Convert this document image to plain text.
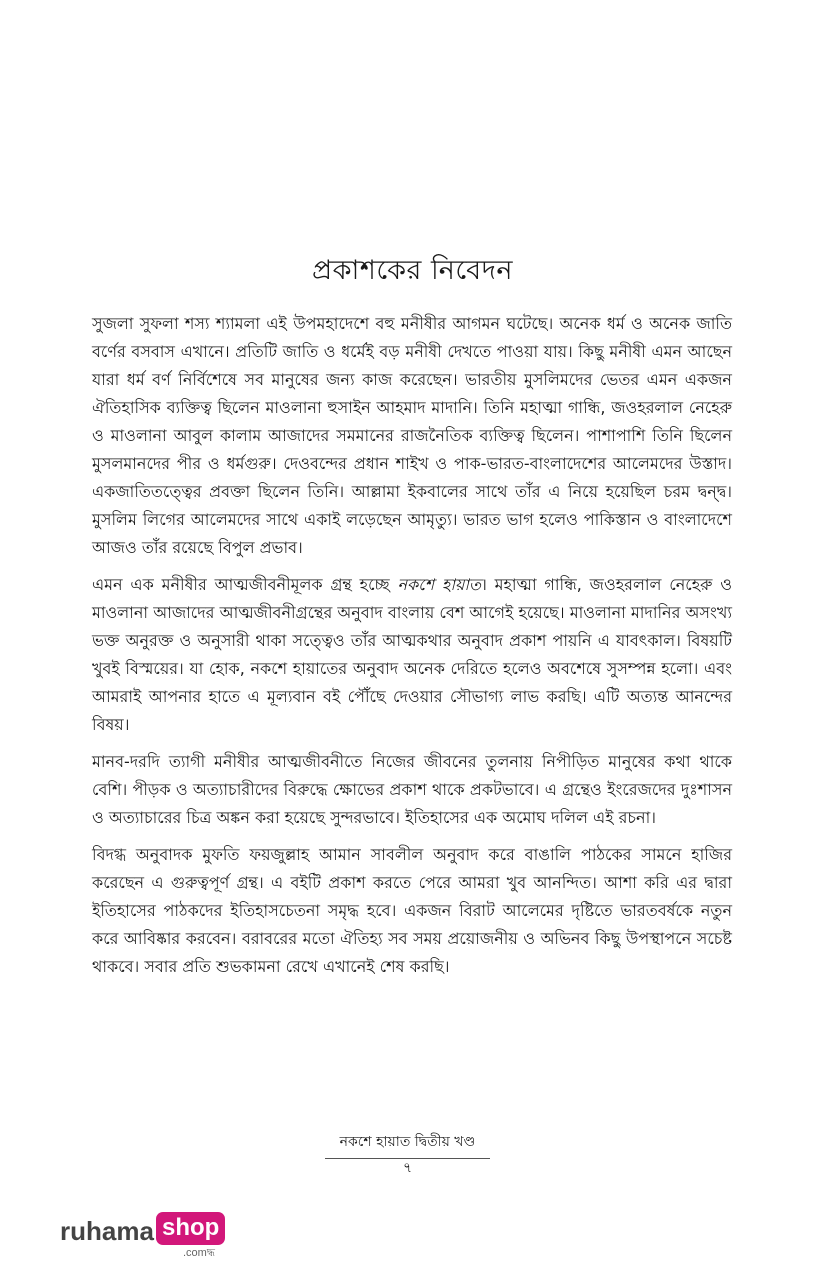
প্রকাশকের নিবেদন

সুজলা সুফলা শস্য শ্যামলা এই উপমহাদেশে বহু মনীষীর আগমন ঘটেছে। অনেক ধর্ম ও অনেক জাতি বর্ণের বসবাস এখানে। প্রতিটি জাতি ও ধর্মেই বড় মনীষী দেখতে পাওয়া যায়। কিছু মনীষী এমন আছেন যারা ধর্ম বর্ণ নির্বিশেষে সব মানুষের জন্য কাজ করেছেন। ভারতীয় মুসলিমদের ভেতর এমন একজন ঐতিহাসিক ব্যক্তিত্ব ছিলেন মাওলানা হুসাইন আহমাদ মাদানি। তিনি মহাত্মা গান্ধি, জওহরলাল নেহেরু ও মাওলানা আবুল কালাম আজাদের সমমানের রাজনৈতিক ব্যক্তিত্ব ছিলেন। পাশাপাশি তিনি ছিলেন মুসলমানদের পীর ও ধর্মগুরু। দেওবন্দের প্রধান শাইখ ও পাক-ভারত-বাংলাদেশের আলেমদের উস্তাদ। একজাতিতত্ত্বের প্রবক্তা ছিলেন তিনি। আল্লামা ইকবালের সাথে তাঁর এ নিয়ে হয়েছিল চরম দ্বন্দ্ব। মুসলিম লিগের আলেমদের সাথে একাই লড়েছেন আমৃত্যু। ভারত ভাগ হলেও পাকিস্তান ও বাংলাদেশে আজও তাঁর রয়েছে বিপুল প্রভাব।

এমন এক মনীষীর আত্মজীবনীমূলক গ্রন্থ হচ্ছে নকশে হায়াত। মহাত্মা গান্ধি, জওহরলাল নেহেরু ও মাওলানা আজাদের আত্মজীবনীগ্রন্থের অনুবাদ বাংলায় বেশ আগেই হয়েছে। মাওলানা মাদানির অসংখ্য ভক্ত অনুরক্ত ও অনুসারী থাকা সত্ত্বেও তাঁর আত্মকথার অনুবাদ প্রকাশ পায়নি এ যাবৎকাল। বিষয়টি খুবই বিস্ময়ের। যা হোক, নকশে হায়াতের অনুবাদ অনেক দেরিতে হলেও অবশেষে সুসম্পন্ন হলো। এবং আমরাই আপনার হাতে এ মূল্যবান বই পৌঁছে দেওয়ার সৌভাগ্য লাভ করছি। এটি অত্যন্ত আনন্দের বিষয়।

মানব-দরদি ত্যাগী মনীষীর আত্মজীবনীতে নিজের জীবনের তুলনায় নিপীড়িত মানুষের কথা থাকে বেশি। পীড়ক ও অত্যাচারীদের বিরুদ্ধে ক্ষোভের প্রকাশ থাকে প্রকটভাবে। এ গ্রন্থেও ইংরেজদের দুঃশাসন ও অত্যাচারের চিত্র অঙ্কন করা হয়েছে সুন্দরভাবে। ইতিহাসের এক অমোঘ দলিল এই রচনা।

বিদগ্ধ অনুবাদক মুফতি ফয়জুল্লাহ আমান সাবলীল অনুবাদ করে বাঙালি পাঠকের সামনে হাজির করেছেন এ গুরুত্বপূর্ণ গ্রন্থ। এ বইটি প্রকাশ করতে পেরে আমরা খুব আনন্দিত। আশা করি এর দ্বারা ইতিহাসের পাঠকদের ইতিহাসচেতনা সমৃদ্ধ হবে। একজন বিরাট আলেমের দৃষ্টিতে ভারতবর্ষকে নতুন করে আবিষ্কার করবেন। বরাবরের মতো ঐতিহ্য সব সময় প্রয়োজনীয় ও অভিনব কিছু উপস্থাপনে সচেষ্ট থাকবে। সবার প্রতি শুভকামনা রেখে এখানেই শেষ করছি।

নকশে হায়াত দ্বিতীয় খণ্ড
৭
ruhama shop
.comদ্ধ
